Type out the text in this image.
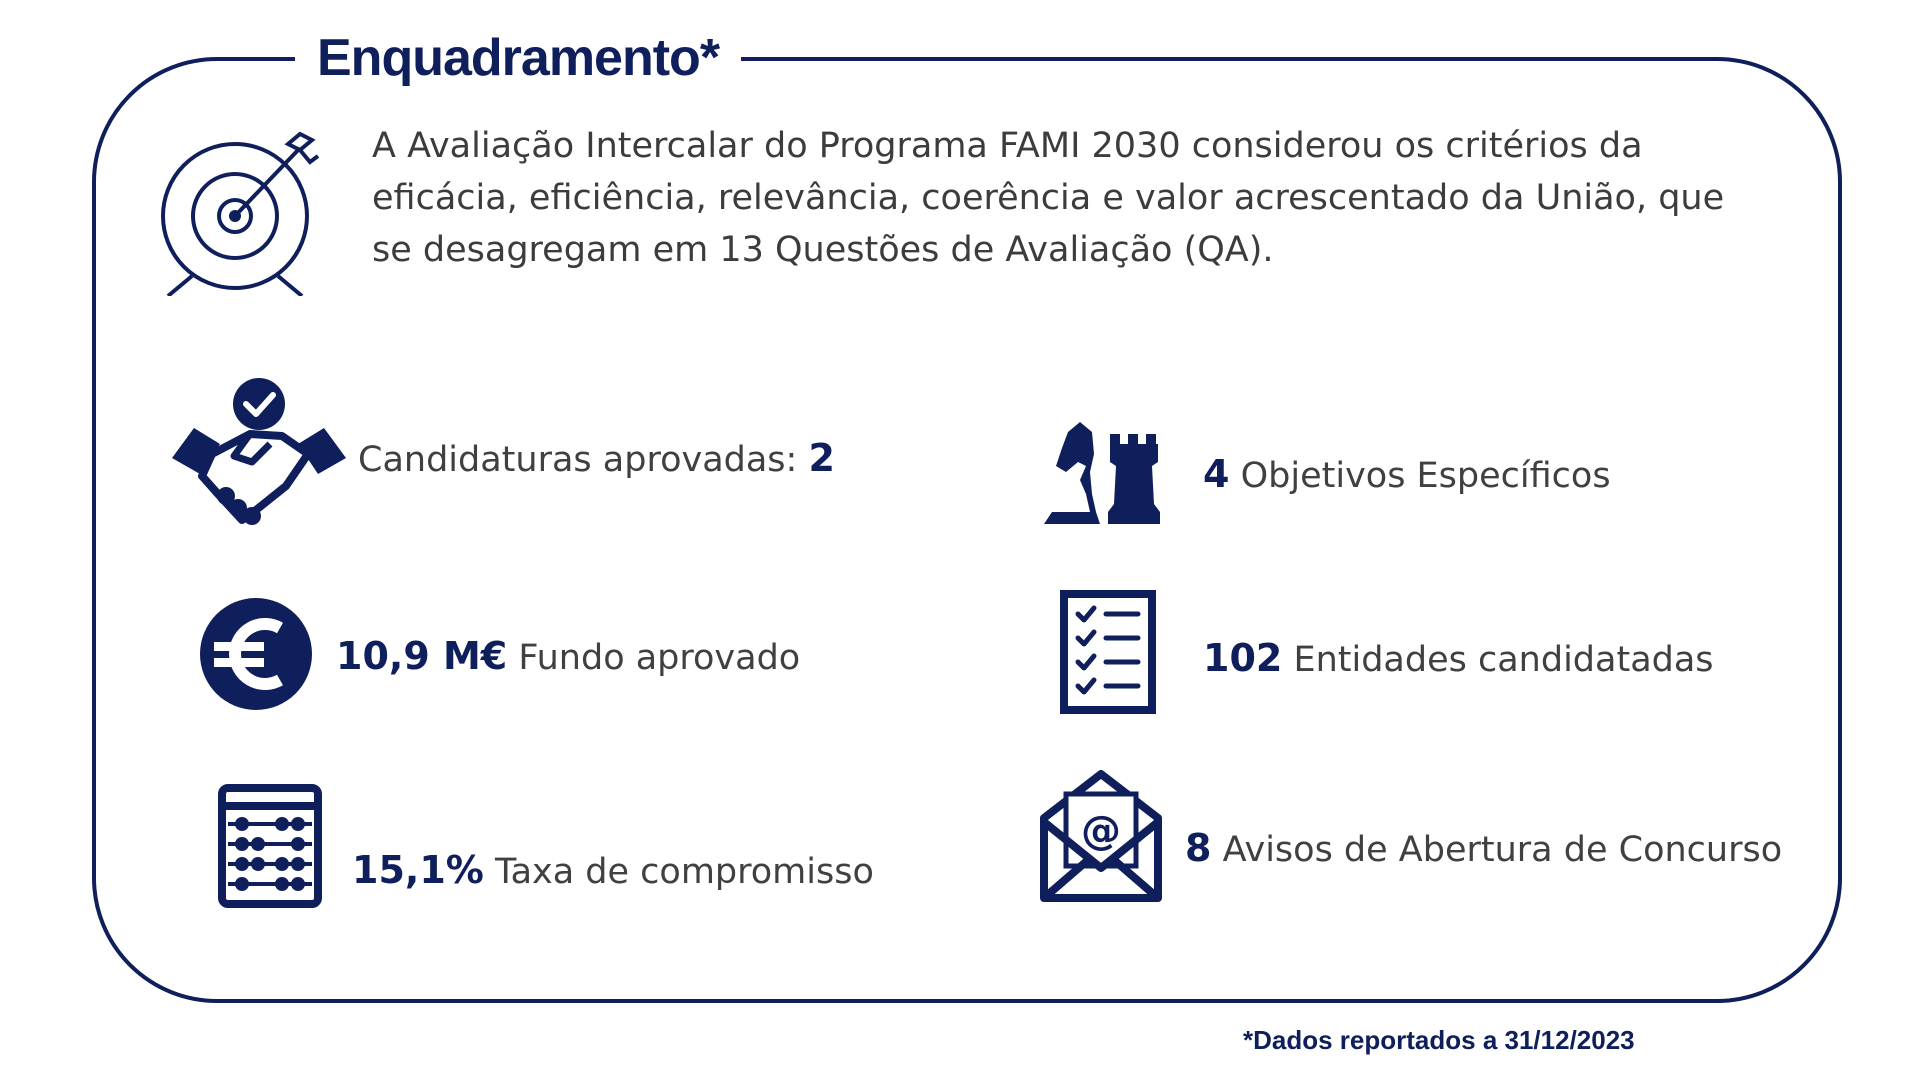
Enquadramento*
A Avaliação Intercalar do Programa FAMI 2030 considerou os critérios da eficácia, eficiência, relevância, coerência e valor acrescentado da União, que se desagregam em 13 Questões de Avaliação (QA).
Candidaturas aprovadas: 2	4 Objetivos Específicos
10,9 M€ Fundo aprovado	102 Entidades candidatadas
15,1% Taxa de compromisso
@ 8 Avisos de Abertura de Concurso
*Dados reportados a 31/12/2023
